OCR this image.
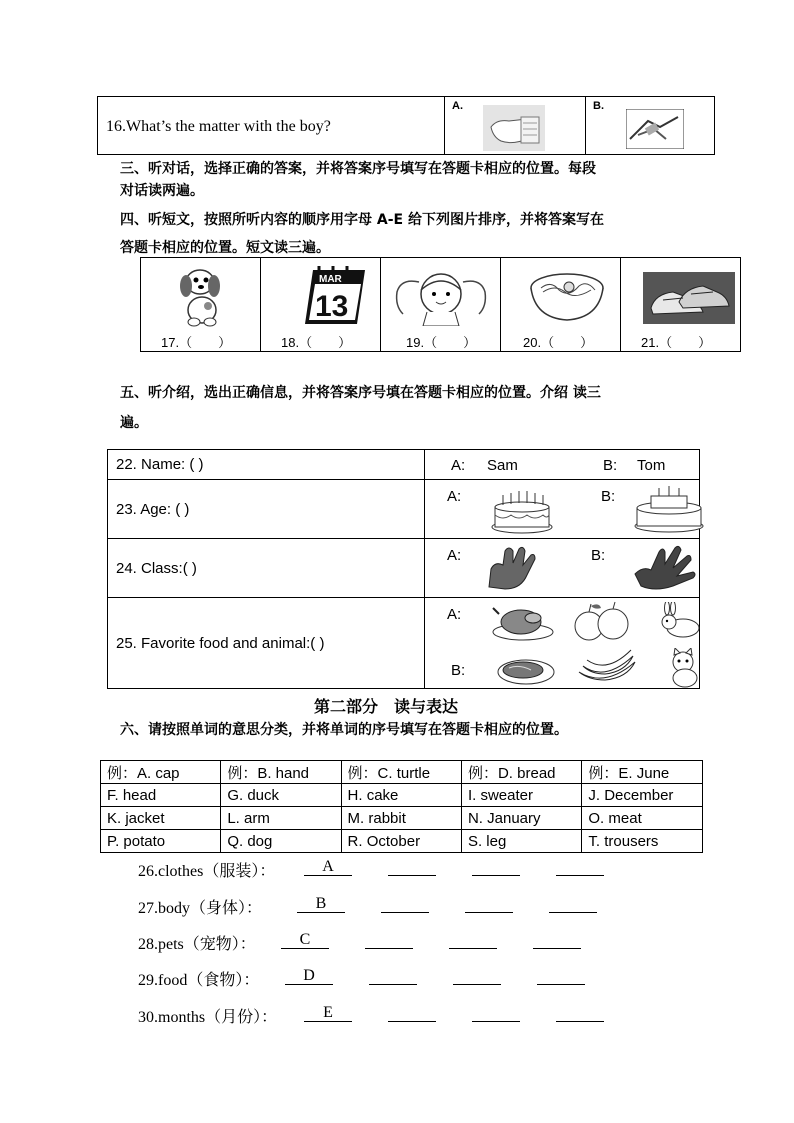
16.What’s the matter with the boy?	
A.	B.
三、听对话，选择正确的答案，并将答案序号填写在答题卡相应的位置。每段
对话读两遍。
四、听短文，按照所听内容的顺序用字母 A-E 给下列图片排序，并将答案写在
答题卡相应的位置。短文读三遍。
17.（　　）

MAR
13
18.（　　）	19.（　　）	20.（　　）	21.（　　）
五、听介绍，选出正确信息，并将答案序号填在答题卡相应的位置。介绍 读三
遍。
22. Name: ( )	A: Sam B: Tom

23. Age: ( )	A: B:

24. Class:( )	A: B:

25. Favorite food and animal:( )	A:
B:
第二部分　读与表达
六、请按照单词的意思分类，并将单词的序号填写在答题卡相应的位置。
例：A. cap	例：B. hand	例：C. turtle	例：D. bread	例：E. June
F. head	G. duck	H. cake	I. sweater	J. December
K. jacket	L. arm	M. rabbit	N. January	O. meat
P. potato	Q. dog	R. October	S. leg	T. trousers
26.clothes（服装）：	A
27.body（身体）：	B
28.pets（宠物）：	C
29.food（食物）：	D
30.months（月份）：	E
